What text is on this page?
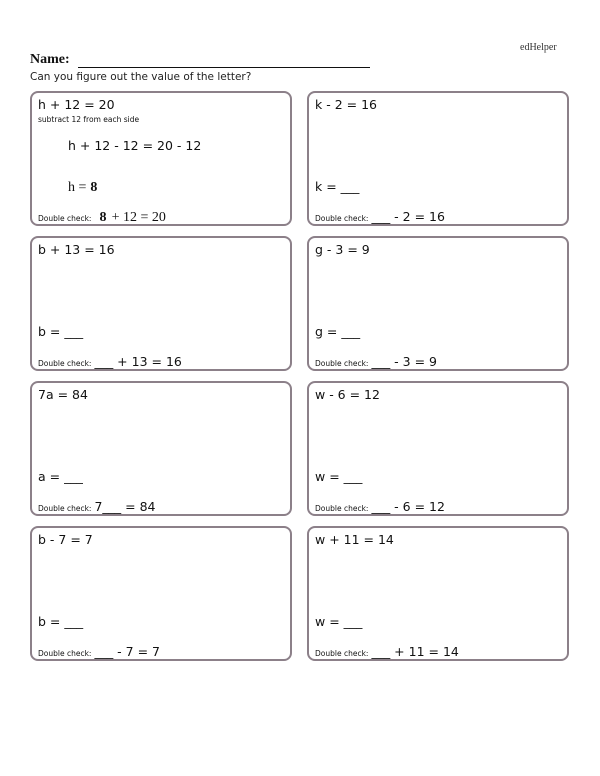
edHelper
Name:
Can you figure out the value of the letter?
h + 12 = 20
subtract 12 from each side
h + 12 - 12 = 20 - 12
h = 8
Double check: 8 + 12 = 20
k - 2 = 16
k = ___
Double check: ___ - 2 = 16
b + 13 = 16
b = ___
Double check: ___ + 13 = 16
g - 3 = 9
g = ___
Double check: ___ - 3 = 9
7a = 84
a = ___
Double check: 7___ = 84
w - 6 = 12
w = ___
Double check: ___ - 6 = 12
b - 7 = 7
b = ___
Double check: ___ - 7 = 7
w + 11 = 14
w = ___
Double check: ___ + 11 = 14
